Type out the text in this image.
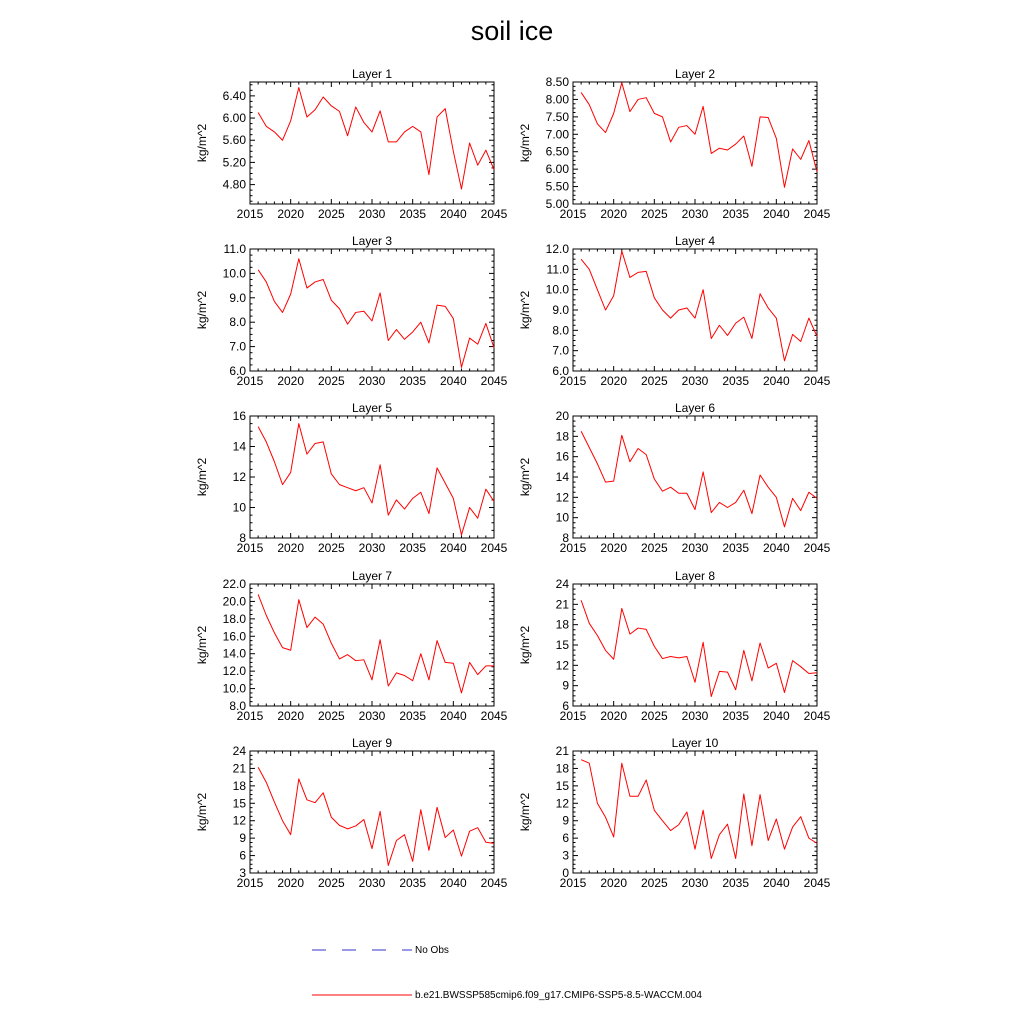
soil ice
Layer 1
kg/m^2
2015 2020 2025 2030 2035 2040 2045
4.80
5.20
5.60
6.00
6.40
Layer 2
kg/m^2
2015 2020 2025 2030 2035 2040 2045
5.00
5.50
6.00
6.50
7.00
7.50
8.00
8.50
Layer 3
kg/m^2
2015 2020 2025 2030 2035 2040 2045
6.0
7.0
8.0
9.0
10.0
11.0
Layer 4
kg/m^2
2015 2020 2025 2030 2035 2040 2045
6.0
7.0
8.0
9.0
10.0
11.0
12.0
Layer 5
kg/m^2
2015 2020 2025 2030 2035 2040 2045
8
10
12
14
16
Layer 6
kg/m^2
2015 2020 2025 2030 2035 2040 2045
8
10
12
14
16
18
20
Layer 7
kg/m^2
2015 2020 2025 2030 2035 2040 2045
8.0
10.0
12.0
14.0
16.0
18.0
20.0
22.0
Layer 8
kg/m^2
2015 2020 2025 2030 2035 2040 2045
6
9
12
15
18
21
24
Layer 9
kg/m^2
2015 2020 2025 2030 2035 2040 2045
3
6
9
12
15
18
21
24
Layer 10
kg/m^2
2015 2020 2025 2030 2035 2040 2045
0
3
6
9
12
15
18
21
No Obs
b.e21.BWSSP585cmip6.f09_g17.CMIP6-SSP5-8.5-WACCM.004
